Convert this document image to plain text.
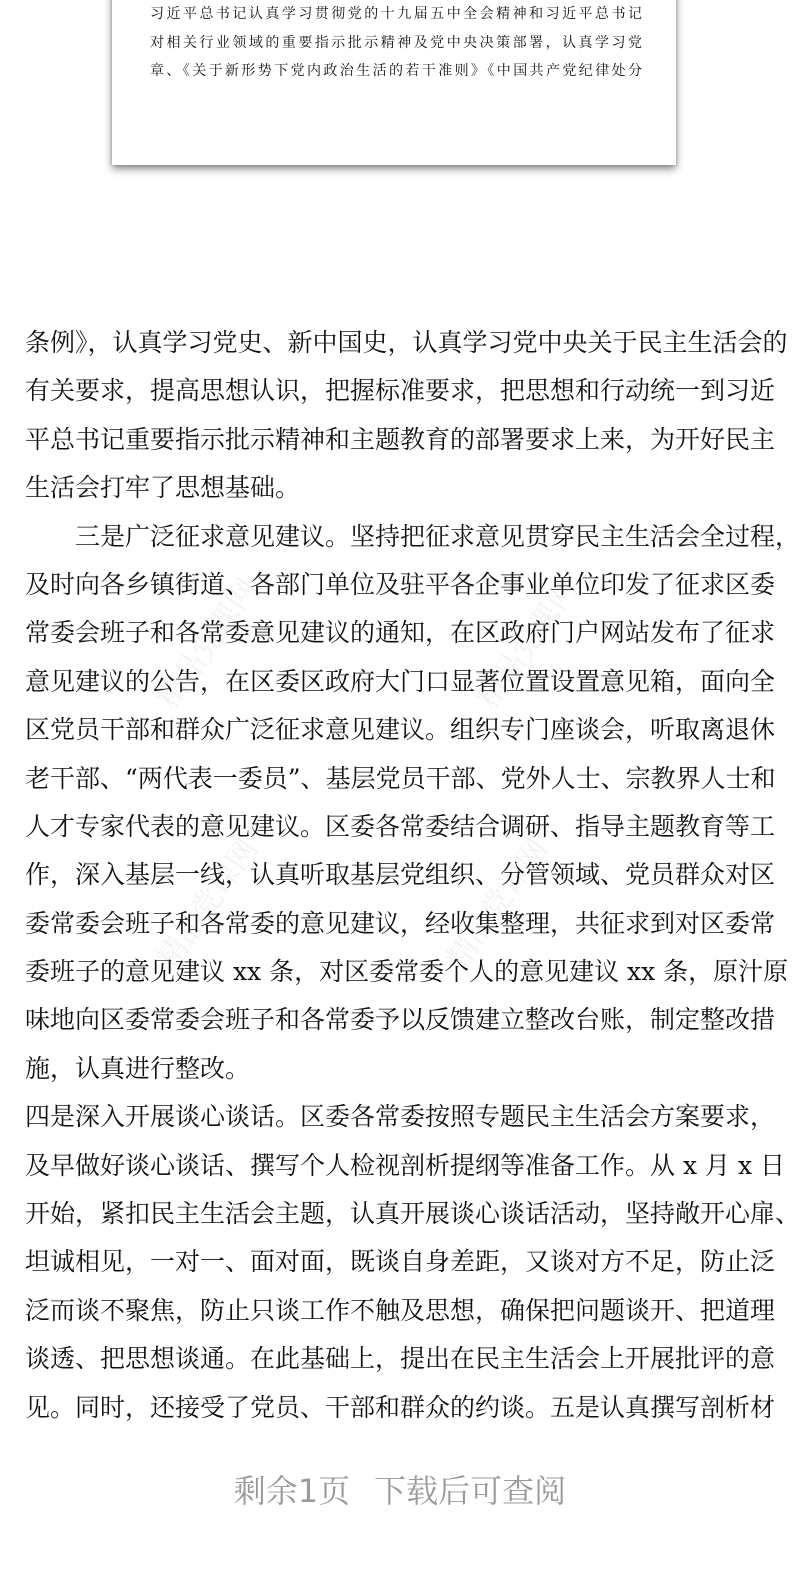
精品党课网	精品党课网
精品党课网	精品党课网
习近平总书记认真学习贯彻党的十九届五中全会精神和习近平总书记
对相关行业领域的重要指示批示精神及党中央决策部署，认真学习党
章、《关于新形势下党内政治生活的若干准则》《中国共产党纪律处分
条例》，认真学习党史、新中国史，认真学习党中央关于民主生活会的
有关要求，提高思想认识，把握标准要求，把思想和行动统一到习近
平总书记重要指示批示精神和主题教育的部署要求上来，为开好民主
生活会打牢了思想基础。
三是广泛征求意见建议。坚持把征求意见贯穿民主生活会全过程，
及时向各乡镇街道、各部门单位及驻平各企事业单位印发了征求区委
常委会班子和各常委意见建议的通知，在区政府门户网站发布了征求
意见建议的公告，在区委区政府大门口显著位置设置意见箱，面向全
区党员干部和群众广泛征求意见建议。组织专门座谈会，听取离退休
老干部、“两代表一委员”、基层党员干部、党外人士、宗教界人士和
人才专家代表的意见建议。区委各常委结合调研、指导主题教育等工
作，深入基层一线，认真听取基层党组织、分管领域、党员群众对区
委常委会班子和各常委的意见建议，经收集整理，共征求到对区委常
委班子的意见建议 xx 条，对区委常委个人的意见建议 xx 条，原汁原
味地向区委常委会班子和各常委予以反馈建立整改台账，制定整改措
施，认真进行整改。
四是深入开展谈心谈话。区委各常委按照专题民主生活会方案要求，
及早做好谈心谈话、撰写个人检视剖析提纲等准备工作。从 x 月 x 日
开始，紧扣民主生活会主题，认真开展谈心谈话活动，坚持敞开心扉、
坦诚相见，一对一、面对面，既谈自身差距，又谈对方不足，防止泛
泛而谈不聚焦，防止只谈工作不触及思想，确保把问题谈开、把道理
谈透、把思想谈通。在此基础上，提出在民主生活会上开展批评的意
见。同时，还接受了党员、干部和群众的约谈。五是认真撰写剖析材
剩余1页 下载后可查阅
